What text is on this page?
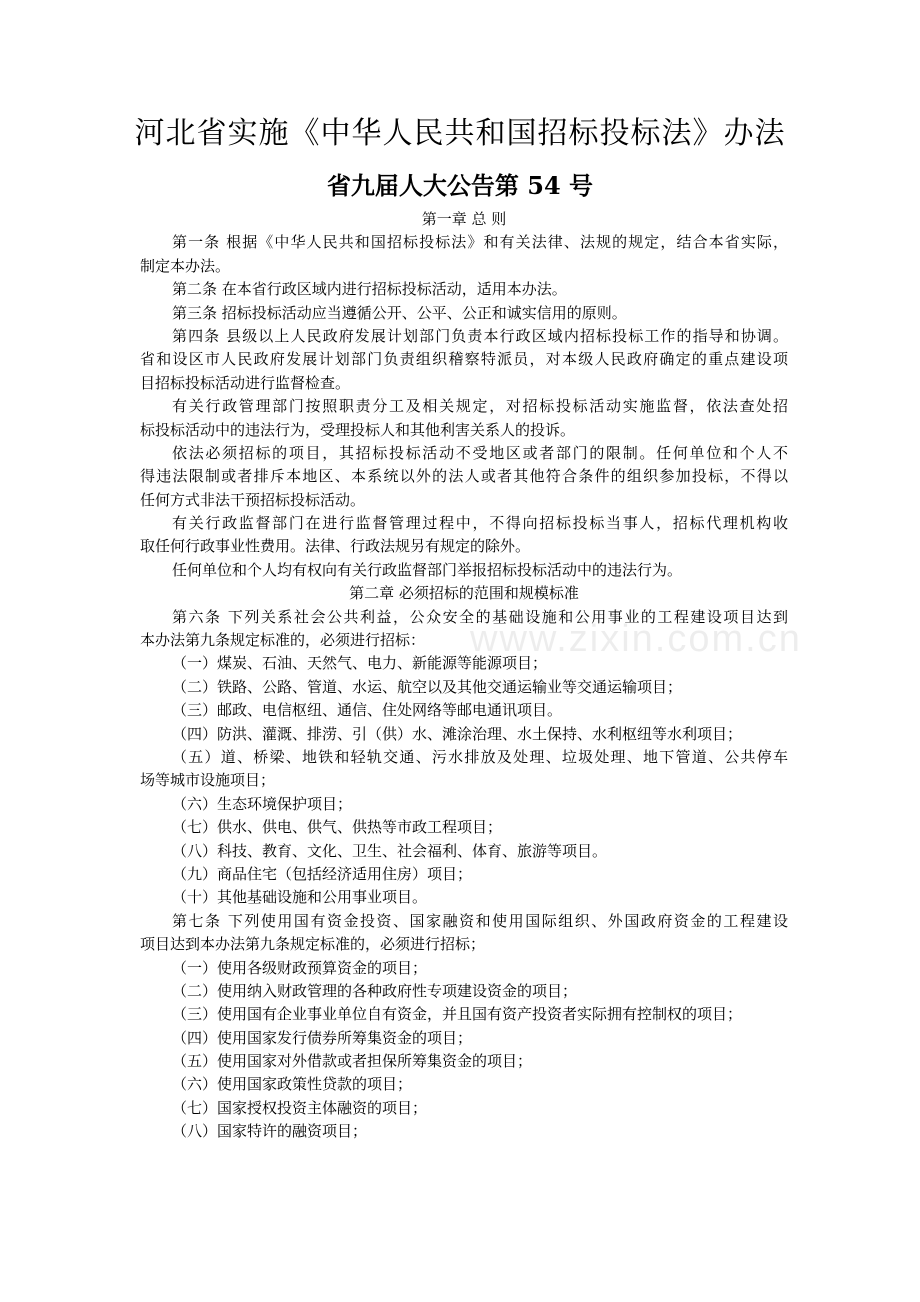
河北省实施《中华人民共和国招标投标法》办法
省九届人大公告第 54 号
www.zixin.com.cn
第一章 总 则
第一条 根据《中华人民共和国招标投标法》和有关法律、法规的规定，结合本省实际，
制定本办法。
第二条 在本省行政区域内进行招标投标活动，适用本办法。
第三条 招标投标活动应当遵循公开、公平、公正和诚实信用的原则。
第四条 县级以上人民政府发展计划部门负责本行政区域内招标投标工作的指导和协调。
省和设区市人民政府发展计划部门负责组织稽察特派员，对本级人民政府确定的重点建设项
目招标投标活动进行监督检查。
有关行政管理部门按照职责分工及相关规定，对招标投标活动实施监督，依法查处招
标投标活动中的违法行为，受理投标人和其他利害关系人的投诉。
依法必须招标的项目，其招标投标活动不受地区或者部门的限制。任何单位和个人不
得违法限制或者排斥本地区、本系统以外的法人或者其他符合条件的组织参加投标，不得以
任何方式非法干预招标投标活动。
有关行政监督部门在进行监督管理过程中，不得向招标投标当事人，招标代理机构收
取任何行政事业性费用。法律、行政法规另有规定的除外。
任何单位和个人均有权向有关行政监督部门举报招标投标活动中的违法行为。
第二章 必须招标的范围和规模标准
第六条 下列关系社会公共利益，公众安全的基础设施和公用事业的工程建设项目达到
本办法第九条规定标准的，必须进行招标：
（一）煤炭、石油、天然气、电力、新能源等能源项目；
（二）铁路、公路、管道、水运、航空以及其他交通运输业等交通运输项目；
（三）邮政、电信枢纽、通信、住处网络等邮电通讯项目。
（四）防洪、灌溉、排涝、引（供）水、滩涂治理、水土保持、水利枢纽等水利项目；
（五）道、桥梁、地铁和轻轨交通、污水排放及处理、垃圾处理、地下管道、公共停车
场等城市设施项目；
（六）生态环境保护项目；
（七）供水、供电、供气、供热等市政工程项目；
（八）科技、教育、文化、卫生、社会福利、体育、旅游等项目。
（九）商品住宅（包括经济适用住房）项目；
（十）其他基础设施和公用事业项目。
第七条 下列使用国有资金投资、国家融资和使用国际组织、外国政府资金的工程建设
项目达到本办法第九条规定标准的，必须进行招标；
（一）使用各级财政预算资金的项目；
（二）使用纳入财政管理的各种政府性专项建设资金的项目；
（三）使用国有企业事业单位自有资金，并且国有资产投资者实际拥有控制权的项目；
（四）使用国家发行债券所筹集资金的项目；
（五）使用国家对外借款或者担保所筹集资金的项目；
（六）使用国家政策性贷款的项目；
（七）国家授权投资主体融资的项目；
（八）国家特许的融资项目；
